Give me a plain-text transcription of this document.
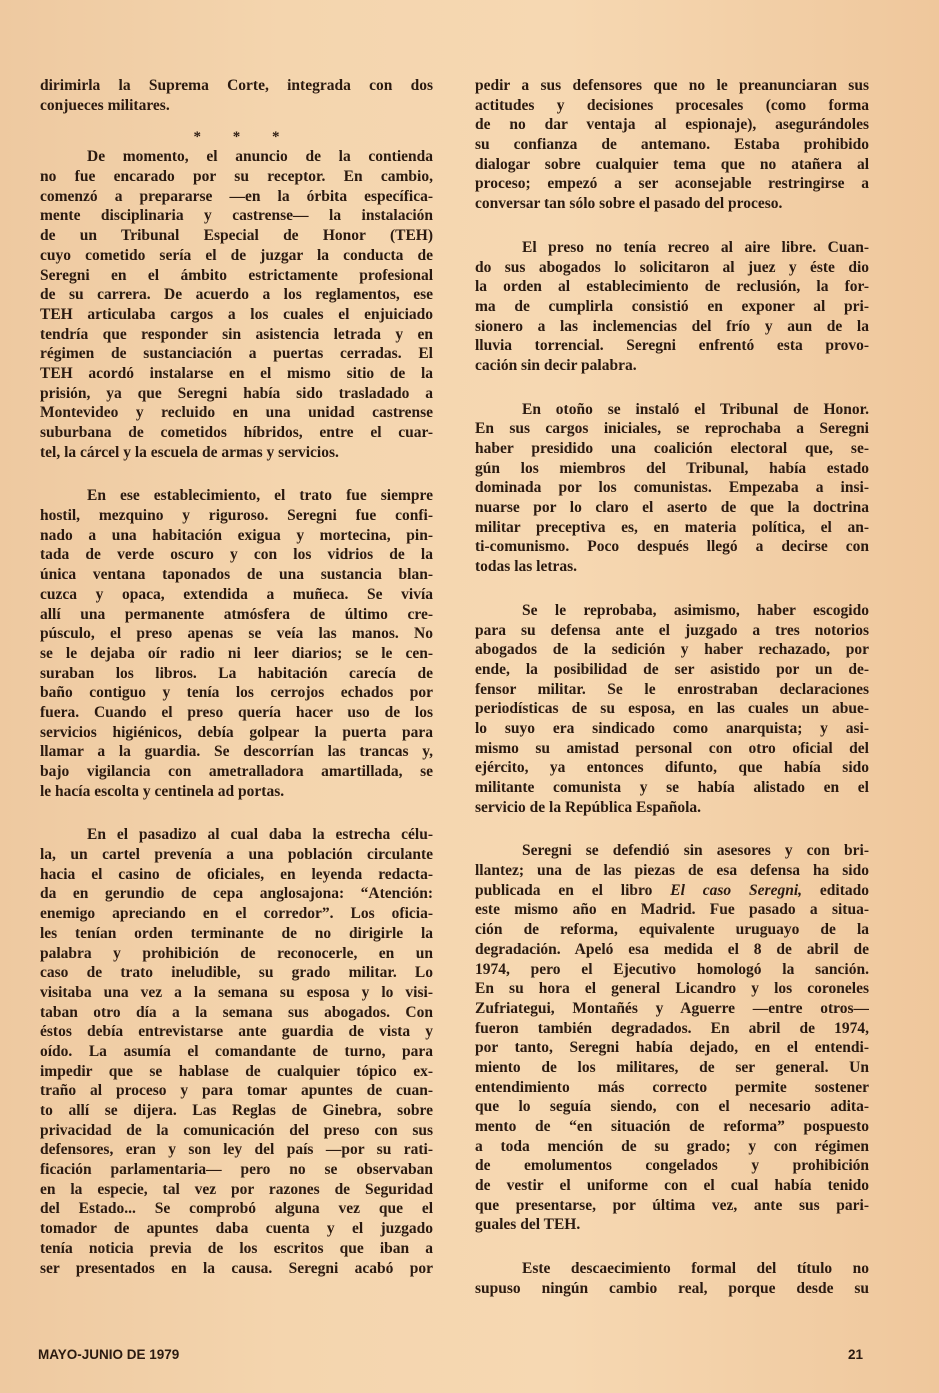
dirimirla la Suprema Corte, integrada con dos
conjueces militares.
* * *
De momento, el anuncio de la contienda
no fue encarado por su receptor. En cambio,
comenzó a prepararse —en la órbita específica-
mente disciplinaria y castrense— la instalación
de un Tribunal Especial de Honor (TEH)
cuyo cometido sería el de juzgar la conducta de
Seregni en el ámbito estrictamente profesional
de su carrera. De acuerdo a los reglamentos, ese
TEH articulaba cargos a los cuales el enjuiciado
tendría que responder sin asistencia letrada y en
régimen de sustanciación a puertas cerradas. El
TEH acordó instalarse en el mismo sitio de la
prisión, ya que Seregni había sido trasladado a
Montevideo y recluido en una unidad castrense
suburbana de cometidos híbridos, entre el cuar-
tel, la cárcel y la escuela de armas y servicios.
En ese establecimiento, el trato fue siempre
hostil, mezquino y riguroso. Seregni fue confi-
nado a una habitación exigua y mortecina, pin-
tada de verde oscuro y con los vidrios de la
única ventana taponados de una sustancia blan-
cuzca y opaca, extendida a muñeca. Se vivía
allí una permanente atmósfera de último cre-
púsculo, el preso apenas se veía las manos. No
se le dejaba oír radio ni leer diarios; se le cen-
suraban los libros. La habitación carecía de
baño contiguo y tenía los cerrojos echados por
fuera. Cuando el preso quería hacer uso de los
servicios higiénicos, debía golpear la puerta para
llamar a la guardia. Se descorrían las trancas y,
bajo vigilancia con ametralladora amartillada, se
le hacía escolta y centinela ad portas.
En el pasadizo al cual daba la estrecha célu-
la, un cartel prevenía a una población circulante
hacia el casino de oficiales, en leyenda redacta-
da en gerundio de cepa anglosajona: “Atención:
enemigo apreciando en el corredor”. Los oficia-
les tenían orden terminante de no dirigirle la
palabra y prohibición de reconocerle, en un
caso de trato ineludible, su grado militar. Lo
visitaba una vez a la semana su esposa y lo visi-
taban otro día a la semana sus abogados. Con
éstos debía entrevistarse ante guardia de vista y
oído. La asumía el comandante de turno, para
impedir que se hablase de cualquier tópico ex-
traño al proceso y para tomar apuntes de cuan-
to allí se dijera. Las Reglas de Ginebra, sobre
privacidad de la comunicación del preso con sus
defensores, eran y son ley del país —por su rati-
ficación parlamentaria— pero no se observaban
en la especie, tal vez por razones de Seguridad
del Estado... Se comprobó alguna vez que el
tomador de apuntes daba cuenta y el juzgado
tenía noticia previa de los escritos que iban a
ser presentados en la causa. Seregni acabó por
pedir a sus defensores que no le preanunciaran sus
actitudes y decisiones procesales (como forma
de no dar ventaja al espionaje), asegurándoles
su confianza de antemano. Estaba prohibido
dialogar sobre cualquier tema que no atañera al
proceso; empezó a ser aconsejable restringirse a
conversar tan sólo sobre el pasado del proceso.
El preso no tenía recreo al aire libre. Cuan-
do sus abogados lo solicitaron al juez y éste dio
la orden al establecimiento de reclusión, la for-
ma de cumplirla consistió en exponer al pri-
sionero a las inclemencias del frío y aun de la
lluvia torrencial. Seregni enfrentó esta provo-
cación sin decir palabra.
En otoño se instaló el Tribunal de Honor.
En sus cargos iniciales, se reprochaba a Seregni
haber presidido una coalición electoral que, se-
gún los miembros del Tribunal, había estado
dominada por los comunistas. Empezaba a insi-
nuarse por lo claro el aserto de que la doctrina
militar preceptiva es, en materia política, el an-
ti-comunismo. Poco después llegó a decirse con
todas las letras.
Se le reprobaba, asimismo, haber escogido
para su defensa ante el juzgado a tres notorios
abogados de la sedición y haber rechazado, por
ende, la posibilidad de ser asistido por un de-
fensor militar. Se le enrostraban declaraciones
periodísticas de su esposa, en las cuales un abue-
lo suyo era sindicado como anarquista; y asi-
mismo su amistad personal con otro oficial del
ejército, ya entonces difunto, que había sido
militante comunista y se había alistado en el
servicio de la República Española.
Seregni se defendió sin asesores y con bri-
llantez; una de las piezas de esa defensa ha sido
publicada en el libro El caso Seregni, editado
este mismo año en Madrid. Fue pasado a situa-
ción de reforma, equivalente uruguayo de la
degradación. Apeló esa medida el 8 de abril de
1974, pero el Ejecutivo homologó la sanción.
En su hora el general Licandro y los coroneles
Zufriategui, Montañés y Aguerre —entre otros—
fueron también degradados. En abril de 1974,
por tanto, Seregni había dejado, en el entendi-
miento de los militares, de ser general. Un
entendimiento más correcto permite sostener
que lo seguía siendo, con el necesario adita-
mento de “en situación de reforma” pospuesto
a toda mención de su grado; y con régimen
de emolumentos congelados y prohibición
de vestir el uniforme con el cual había tenido
que presentarse, por última vez, ante sus pari-
guales del TEH.
Este descaecimiento formal del título no
supuso ningún cambio real, porque desde su
MAYO-JUNIO DE 1979	21
